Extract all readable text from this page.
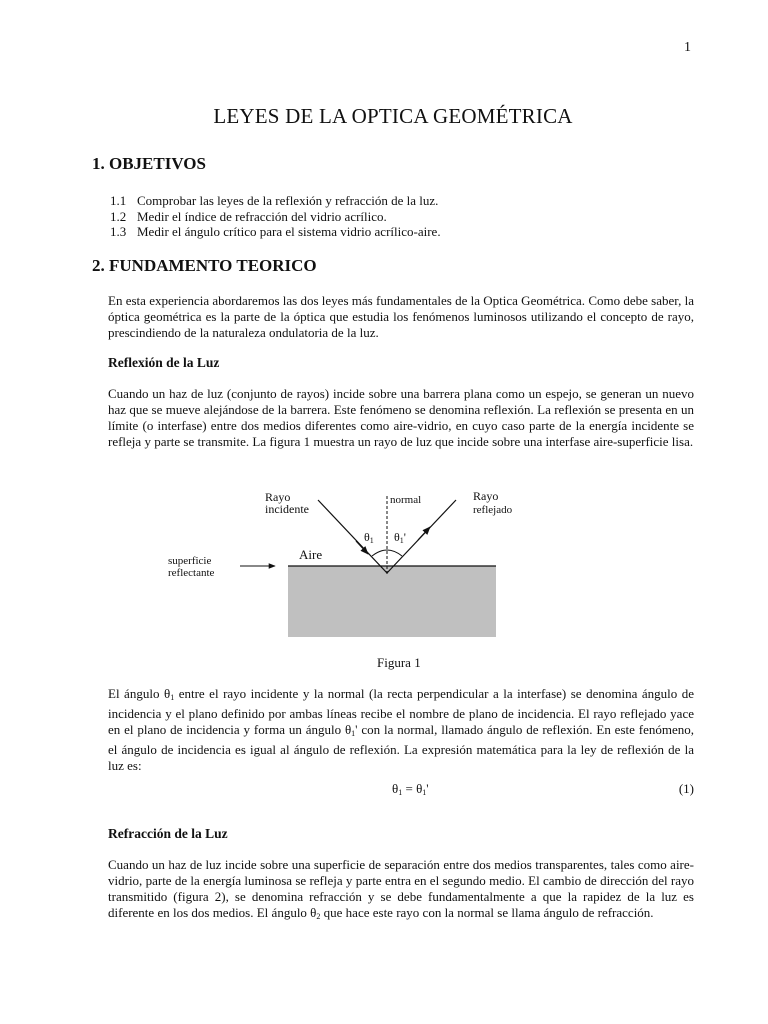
1
LEYES DE LA OPTICA GEOMÉTRICA
1. OBJETIVOS
1.1 Comprobar las leyes de la reflexión y refracción de la luz.
1.2 Medir el índice de refracción del vidrio acrílico.
1.3 Medir el ángulo crítico para el sistema vidrio acrílico-aire.
2. FUNDAMENTO TEORICO
En esta experiencia abordaremos las dos leyes más fundamentales de la Optica Geométrica. Como debe saber, la óptica geométrica es la parte de la óptica que estudia los fenómenos luminosos utilizando el concepto de rayo, prescindiendo de la naturaleza ondulatoria de la luz.
Reflexión de la Luz
Cuando un haz de luz (conjunto de rayos) incide sobre una barrera plana como un espejo, se generan un nuevo haz que se mueve alejándose de la barrera. Este fenómeno se denomina reflexión. La reflexión se presenta en un límite (o interfase) entre dos medios diferentes como aire-vidrio, en cuyo caso parte de la energía incidente se refleja y parte se transmite. La figura 1 muestra un rayo de luz que incide sobre una interfase aire-superficie lisa.
Rayo
incidente
normal	Rayo
reflejado
θ1 θ1'
Aire
superficie
reflectante
Figura 1
El ángulo $\theta_1$ entre el rayo incidente y la normal (la recta perpendicular a la interfase) se denomina ángulo de incidencia y el plano definido por ambas líneas recibe el nombre de plano de incidencia. El rayo reflejado yace en el plano de incidencia y forma un ángulo $\theta_1'$ con la normal, llamado ángulo de reflexión. En este fenómeno, el ángulo de incidencia es igual al ángulo de reflexión. La expresión matemática para la ley de reflexión de la luz es:
$\theta_1 = \theta_1'$	(1)
Refracción de la Luz
Cuando un haz de luz incide sobre una superficie de separación entre dos medios transparentes, tales como aire-vidrio, parte de la energía luminosa se refleja y parte entra en el segundo medio. El cambio de dirección del rayo transmitido (figura 2), se denomina refracción y se debe fundamentalmente a que la rapidez de la luz es diferente en los dos medios. El ángulo $\theta_2$ que hace este rayo con la normal se llama ángulo de refracción.
